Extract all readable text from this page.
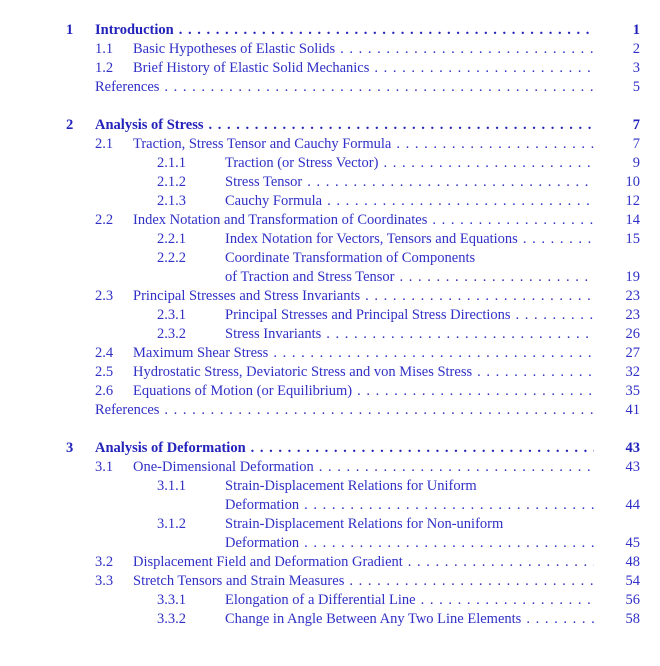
1	Introduction . . .	1
1.1	Basic Hypotheses of Elastic Solids . . .	2
1.2	Brief History of Elastic Solid Mechanics . . .	3
References . . .	5
2	Analysis of Stress . . .	7
2.1	Traction, Stress Tensor and Cauchy Formula . . .	7
2.1.1	Traction (or Stress Vector) . . .	9
2.1.2	Stress Tensor . . .	10
2.1.3	Cauchy Formula . . .	12
2.2	Index Notation and Transformation of Coordinates . . .	14
2.2.1	Index Notation for Vectors, Tensors and Equations . . .	15
2.2.2	Coordinate Transformation of Components
of Traction and Stress Tensor . . .	19
2.3	Principal Stresses and Stress Invariants . . .	23
2.3.1	Principal Stresses and Principal Stress Directions . . .	23
2.3.2	Stress Invariants . . .	26
2.4	Maximum Shear Stress . . .	27
2.5	Hydrostatic Stress, Deviatoric Stress and von Mises Stress . . .	32
2.6	Equations of Motion (or Equilibrium) . . .	35
References . . .	41
3	Analysis of Deformation . . .	43
3.1	One-Dimensional Deformation . . .	43
3.1.1	Strain-Displacement Relations for Uniform
Deformation . . .	44
3.1.2	Strain-Displacement Relations for Non-uniform
Deformation . . .	45
3.2	Displacement Field and Deformation Gradient . . .	48
3.3	Stretch Tensors and Strain Measures . . .	54
3.3.1	Elongation of a Differential Line . . .	56
3.3.2	Change in Angle Between Any Two Line Elements . . .	58
